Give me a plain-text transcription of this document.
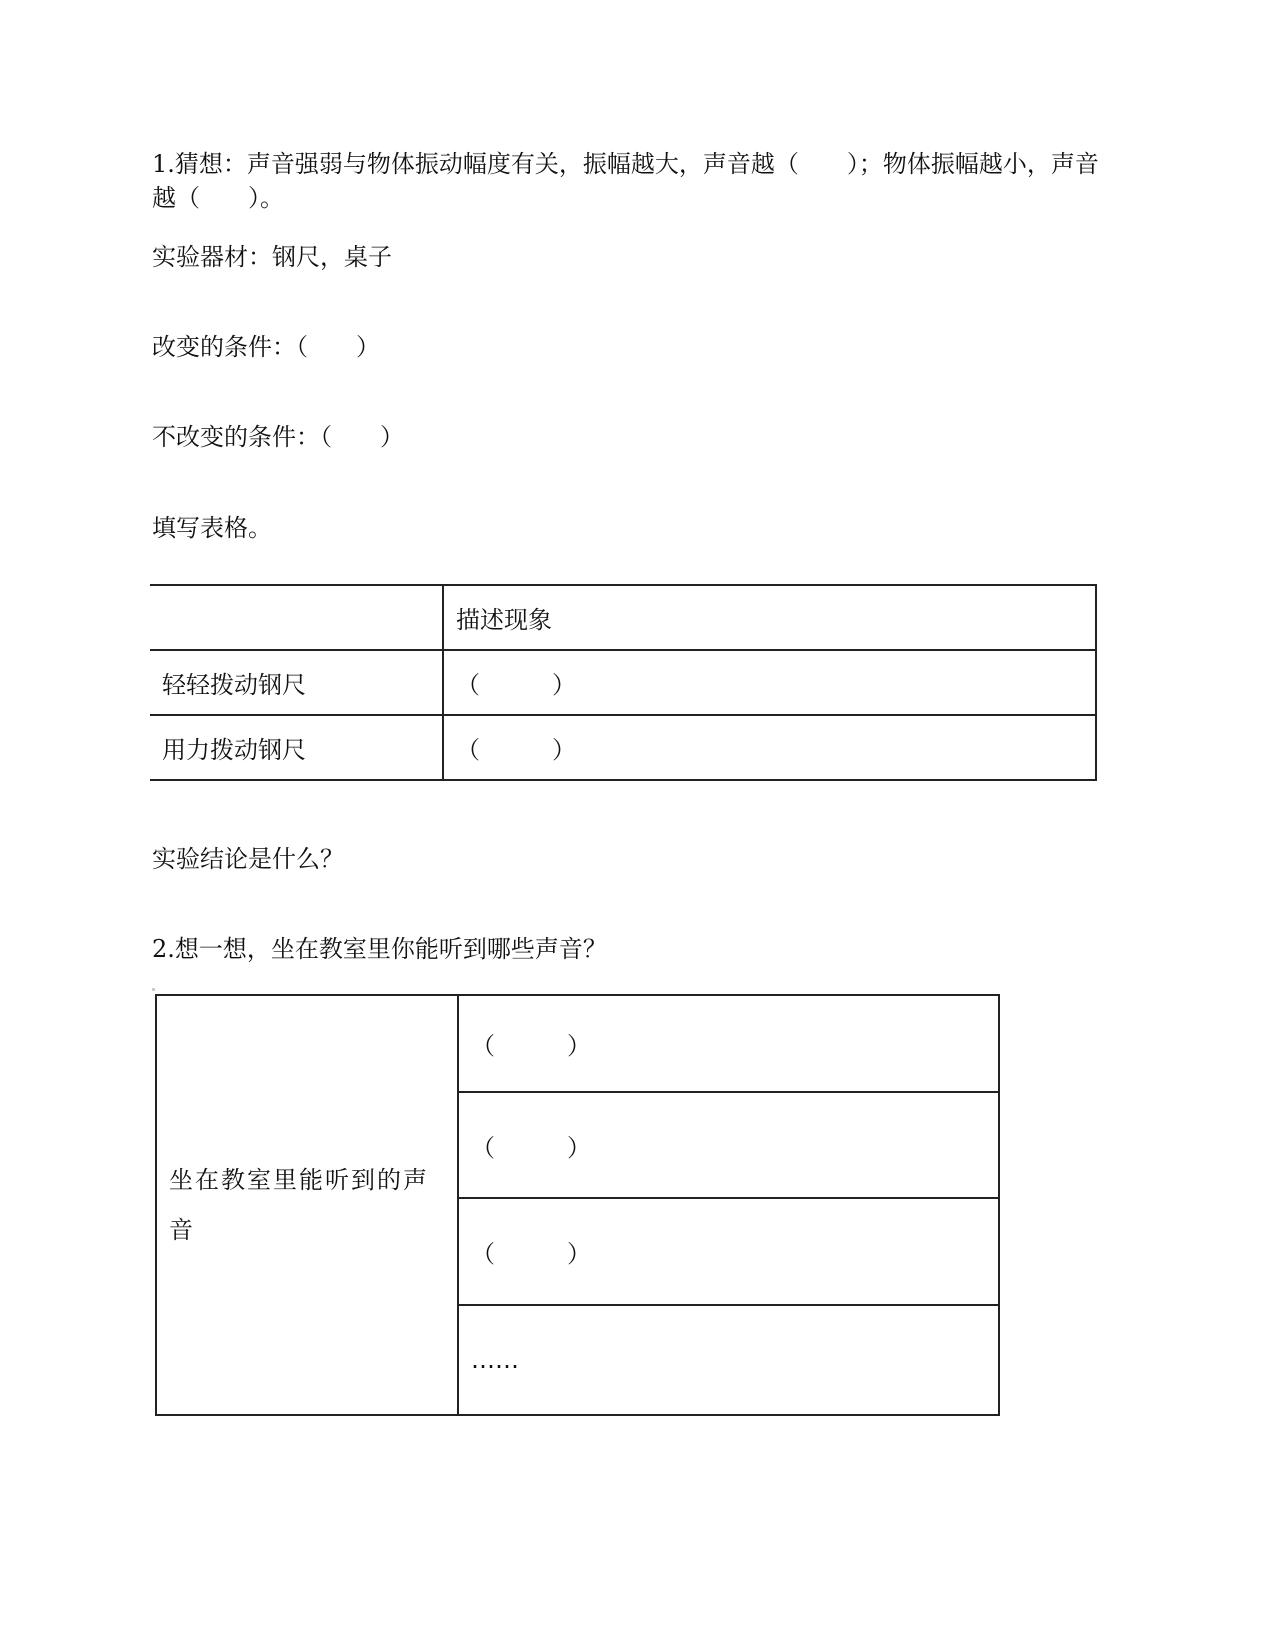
1.猜想：声音强弱与物体振动幅度有关，振幅越大，声音越（　　）；物体振幅越小，声音越（　　）。
实验器材：钢尺，桌子
改变的条件：（　　）
不改变的条件：（　　）
填写表格。
	描述现象
轻轻拨动钢尺	（　　　）
用力拨动钢尺	（　　　）
实验结论是什么？
2.想一想，坐在教室里你能听到哪些声音？
坐在教室里能听到的声音	（　　　）
（　　　）
（　　　）
……
